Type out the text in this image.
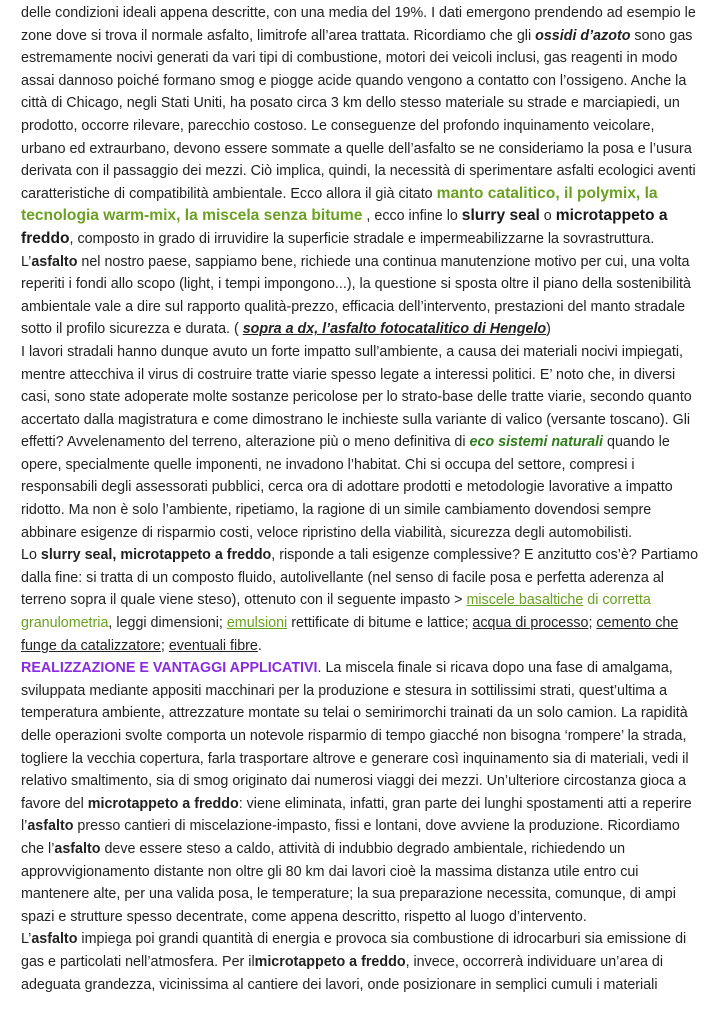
delle condizioni ideali appena descritte, con una media del 19%. I dati emergono prendendo ad esempio le zone dove si trova il normale asfalto, limitrofe all’area trattata. Ricordiamo che gli ossidi d’azoto sono gas estremamente nocivi generati da vari tipi di combustione, motori dei veicoli inclusi, gas reagenti in modo assai dannoso poiché formano smog e piogge acide quando vengono a contatto con l’ossigeno. Anche la città di Chicago, negli Stati Uniti, ha posato circa 3 km dello stesso materiale su strade e marciapiedi, un prodotto, occorre rilevare, parecchio costoso. Le conseguenze del profondo inquinamento veicolare, urbano ed extraurbano, devono essere sommate a quelle dell’asfalto se ne consideriamo la posa e l’usura derivata con il passaggio dei mezzi. Ciò implica, quindi, la necessità di sperimentare asfalti ecologici aventi caratteristiche di compatibilità ambientale. Ecco allora il già citato manto catalitico, il polymix, la tecnologia warm-mix, la miscela senza bitume , ecco infine lo slurry seal o microtappeto a freddo, composto in grado di irruvidire la superficie stradale e impermeabilizzarne la sovrastruttura.

L’asfalto nel nostro paese, sappiamo bene, richiede una continua manutenzione motivo per cui, una volta reperiti i fondi allo scopo (light, i tempi impongono...), la questione si sposta oltre il piano della sostenibilità ambientale vale a dire sul rapporto qualità-prezzo, efficacia dell’intervento, prestazioni del manto stradale sotto il profilo sicurezza e durata. ( sopra a dx, l’asfalto fotocatalitico di Hengelo)

I lavori stradali hanno dunque avuto un forte impatto sull’ambiente, a causa dei materiali nocivi impiegati, mentre attecchiva il virus di costruire tratte viarie spesso legate a interessi politici. E’ noto che, in diversi casi, sono state adoperate molte sostanze pericolose per lo strato-base delle tratte viarie, secondo quanto accertato dalla magistratura e come dimostrano le inchieste sulla variante di valico (versante toscano). Gli effetti? Avvelenamento del terreno, alterazione più o meno definitiva di eco sistemi naturali quando le opere, specialmente quelle imponenti, ne invadono l’habitat. Chi si occupa del settore, compresi i responsabili degli assessorati pubblici, cerca ora di adottare prodotti e metodologie lavorative a impatto ridotto. Ma non è solo l’ambiente, ripetiamo, la ragione di un simile cambiamento dovendosi sempre abbinare esigenze di risparmio costi, veloce ripristino della viabilità, sicurezza degli automobilisti.

Lo slurry seal, microtappeto a freddo, risponde a tali esigenze complessive? E anzitutto cos’è? Partiamo dalla fine: si tratta di un composto fluido, autolivellante (nel senso di facile posa e perfetta aderenza al terreno sopra il quale viene steso), ottenuto con il seguente impasto > miscele basaltiche di corretta granulometria, leggi dimensioni; emulsioni rettificate di bitume e lattice; acqua di processo; cemento che funge da catalizzatore; eventuali fibre.

REALIZZAZIONE E VANTAGGI APPLICATIVI. La miscela finale si ricava dopo una fase di amalgama, sviluppata mediante appositi macchinari per la produzione e stesura in sottilissimi strati, quest’ultima a temperatura ambiente, attrezzature montate su telai o semirimorchi trainati da un solo camion. La rapidità delle operazioni svolte comporta un notevole risparmio di tempo giacché non bisogna ‘rompere’ la strada, togliere la vecchia copertura, farla trasportare altrove e generare così inquinamento sia di materiali, vedi il relativo smaltimento, sia di smog originato dai numerosi viaggi dei mezzi. Un’ulteriore circostanza gioca a favore del microtappeto a freddo: viene eliminata, infatti, gran parte dei lunghi spostamenti atti a reperire l’asfalto presso cantieri di miscelazione-impasto, fissi e lontani, dove avviene la produzione. Ricordiamo che l’asfalto deve essere steso a caldo, attività di indubbio degrado ambientale, richiedendo un approvvigionamento distante non oltre gli 80 km dai lavori cioè la massima distanza utile entro cui mantenere alte, per una valida posa, le temperature; la sua preparazione necessita, comunque, di ampi spazi e strutture spesso decentrate, come appena descritto, rispetto al luogo d’intervento.

L’asfalto impiega poi grandi quantità di energia e provoca sia combustione di idrocarburi sia emissione di gas e particolati nell’atmosfera. Per ilmicrotappeto a freddo, invece, occorrerà individuare un’area di adeguata grandezza, vicinissima al cantiere dei lavori, onde posizionare in semplici cumuli i materiali
